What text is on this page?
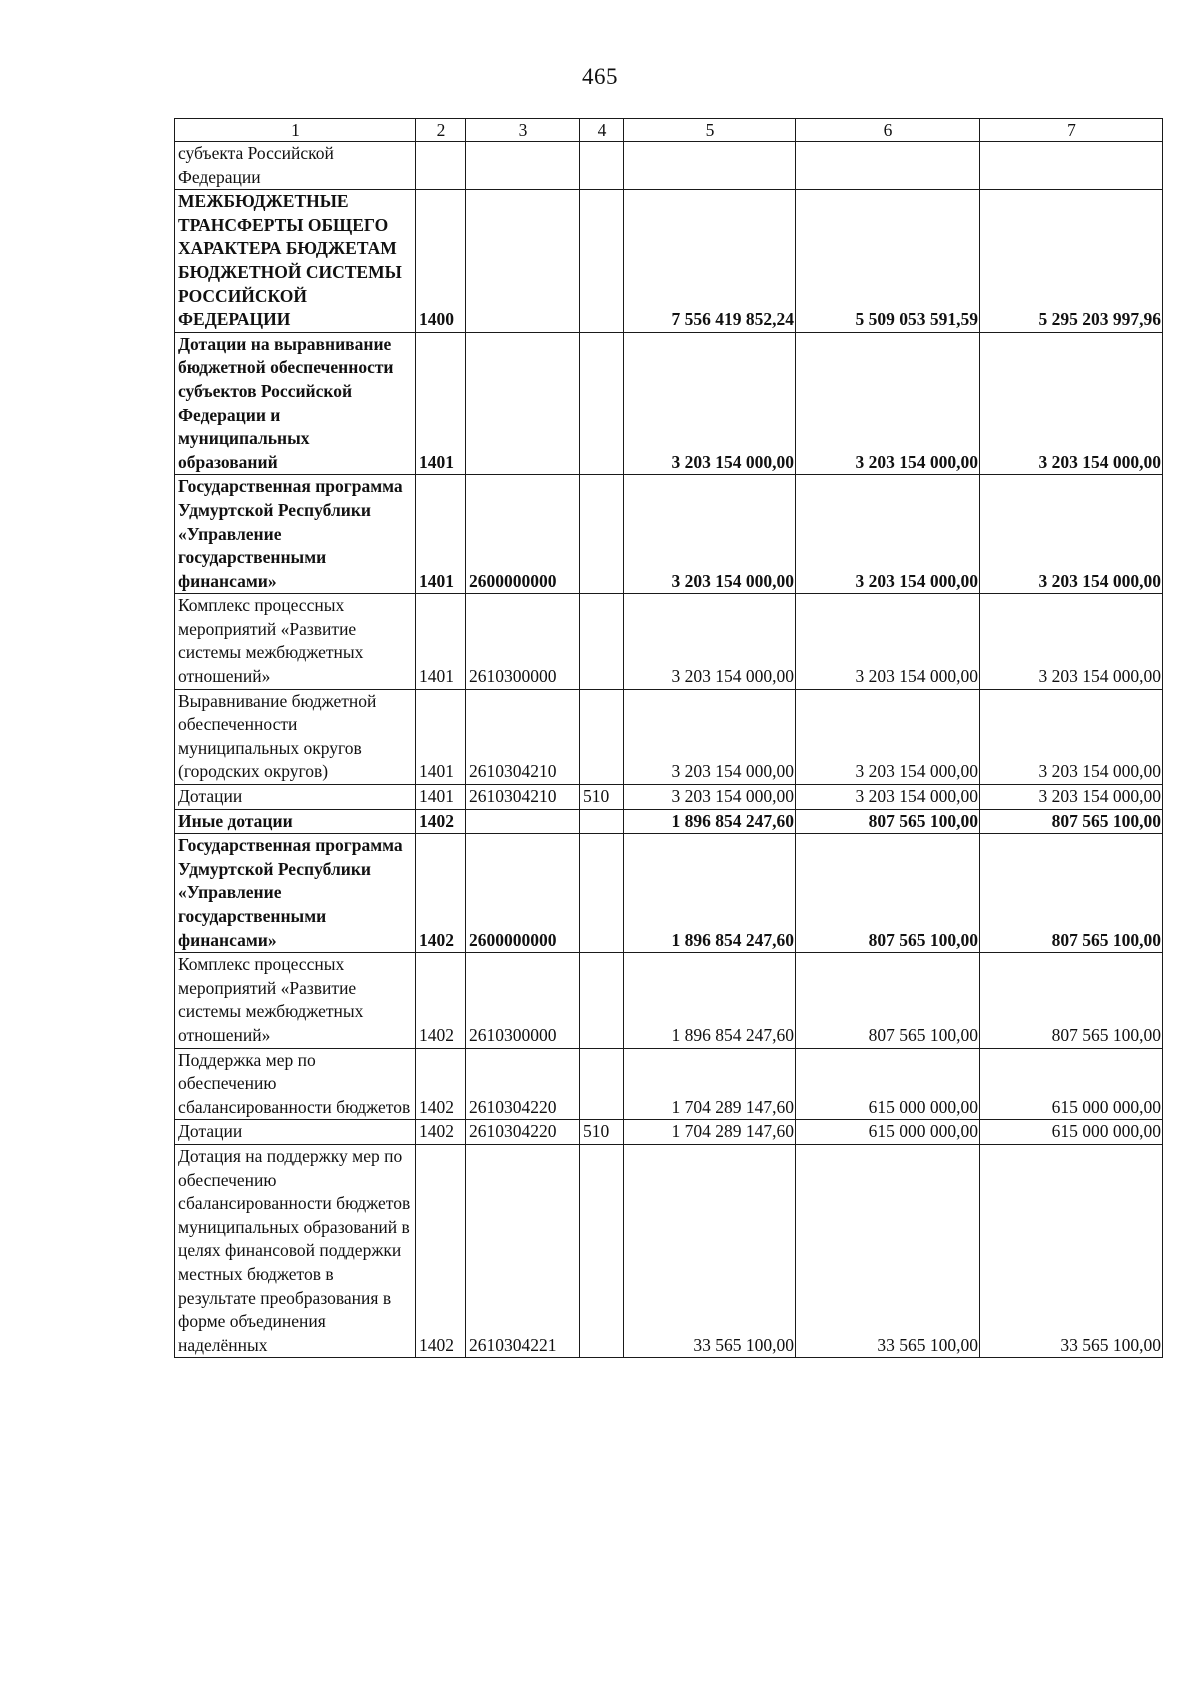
465
1	2	3	4	5	6	7
субъекта Российской Федерации						
МЕЖБЮДЖЕТНЫЕ ТРАНСФЕРТЫ ОБЩЕГО ХАРАКТЕРА БЮДЖЕТАМ БЮДЖЕТНОЙ СИСТЕМЫ РОССИЙСКОЙ ФЕДЕРАЦИИ	1400			7 556 419 852,24	5 509 053 591,59	5 295 203 997,96
Дотации на выравнивание бюджетной обеспеченности субъектов Российской Федерации и муниципальных образований	1401			3 203 154 000,00	3 203 154 000,00	3 203 154 000,00
Государственная программа Удмуртской Республики «Управление государственными финансами»	1401	2600000000		3 203 154 000,00	3 203 154 000,00	3 203 154 000,00
Комплекс процессных мероприятий «Развитие системы межбюджетных отношений»	1401	2610300000		3 203 154 000,00	3 203 154 000,00	3 203 154 000,00
Выравнивание бюджетной обеспеченности муниципальных округов (городских округов)	1401	2610304210		3 203 154 000,00	3 203 154 000,00	3 203 154 000,00
Дотации	1401	2610304210	510	3 203 154 000,00	3 203 154 000,00	3 203 154 000,00
Иные дотации	1402			1 896 854 247,60	807 565 100,00	807 565 100,00
Государственная программа Удмуртской Республики «Управление государственными финансами»	1402	2600000000		1 896 854 247,60	807 565 100,00	807 565 100,00
Комплекс процессных мероприятий «Развитие системы межбюджетных отношений»	1402	2610300000		1 896 854 247,60	807 565 100,00	807 565 100,00
Поддержка мер по обеспечению сбалансированности бюджетов	1402	2610304220		1 704 289 147,60	615 000 000,00	615 000 000,00
Дотации	1402	2610304220	510	1 704 289 147,60	615 000 000,00	615 000 000,00
Дотация на поддержку мер по обеспечению сбалансированности бюджетов муниципальных образований в целях финансовой поддержки местных бюджетов в результате преобразования в форме объединения наделённых	1402	2610304221		33 565 100,00	33 565 100,00	33 565 100,00
